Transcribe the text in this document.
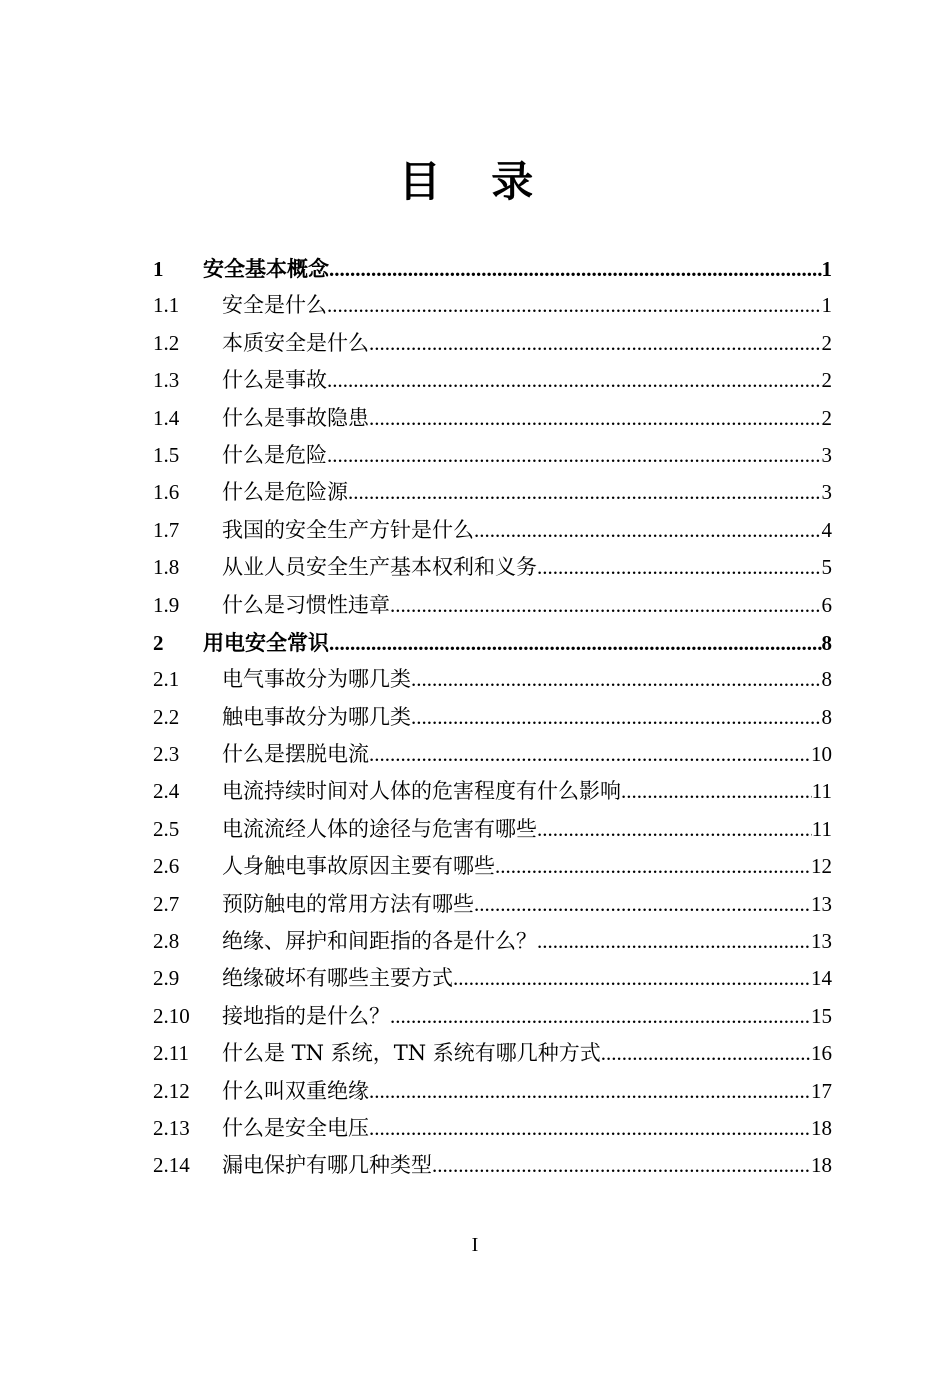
目 录
1	安全基本概念 .....	1
1.1	安全是什么 .....	1
1.2	本质安全是什么 .....	2
1.3	什么是事故 .....	2
1.4	什么是事故隐患 .....	2
1.5	什么是危险 .....	3
1.6	什么是危险源 .....	3
1.7	我国的安全生产方针是什么 .....	4
1.8	从业人员安全生产基本权利和义务 .....	5
1.9	什么是习惯性违章 .....	6
2	用电安全常识 .....	8
2.1	电气事故分为哪几类 .....	8
2.2	触电事故分为哪几类 .....	8
2.3	什么是摆脱电流 .....	10
2.4	电流持续时间对人体的危害程度有什么影响 .....	11
2.5	电流流经人体的途径与危害有哪些 .....	11
2.6	人身触电事故原因主要有哪些 .....	12
2.7	预防触电的常用方法有哪些 .....	13
2.8	绝缘、屏护和间距指的各是什么？ .....	13
2.9	绝缘破坏有哪些主要方式 .....	14
2.10	接地指的是什么？ .....	15
2.11	什么是 TN 系统，TN 系统有哪几种方式 .....	16
2.12	什么叫双重绝缘 .....	17
2.13	什么是安全电压 .....	18
2.14	漏电保护有哪几种类型 .....	18
I
